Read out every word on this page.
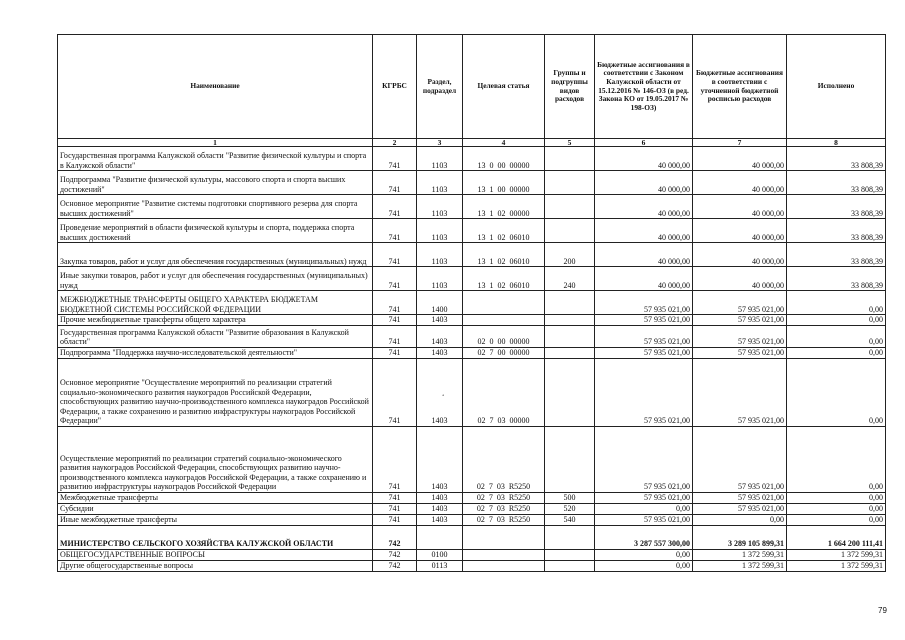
Наименование	КГРБС	Раздел, подраздел	Целевая статья	Группы и подгруппы видов расходов	Бюджетные ассигнования в соответствии с Законом Калужской области от 15.12.2016 № 146-ОЗ (в ред. Закона КО от 19.05.2017 № 198-ОЗ)	Бюджетные ассигнования в соответствии с уточненной бюджетной росписью расходов	Исполнено
1	2	3	4	5	6	7	8
Государственная программа Калужской области "Развитие физической культуры и спорта в Калужской области"	741	1103	13  0  00  00000		40 000,00	40 000,00	33 808,39
Подпрограмма "Развитие физической культуры, массового спорта и спорта высших достижений"	741	1103	13  1  00  00000		40 000,00	40 000,00	33 808,39
Основное мероприятие "Развитие системы подготовки спортивного резерва для спорта высших достижений"	741	1103	13  1  02  00000		40 000,00	40 000,00	33 808,39
Проведение мероприятий в области физической культуры и спорта, поддержка спорта высших достижений	741	1103	13  1  02  06010		40 000,00	40 000,00	33 808,39
Закупка товаров, работ и услуг для обеспечения государственных (муниципальных) нужд	741	1103	13  1  02  06010	200	40 000,00	40 000,00	33 808,39
Иные закупки товаров, работ и услуг для обеспечения государственных (муниципальных) нужд	741	1103	13  1  02  06010	240	40 000,00	40 000,00	33 808,39
МЕЖБЮДЖЕТНЫЕ ТРАНСФЕРТЫ ОБЩЕГО ХАРАКТЕРА БЮДЖЕТАМ БЮДЖЕТНОЙ СИСТЕМЫ РОССИЙСКОЙ ФЕДЕРАЦИИ	741	1400			57 935 021,00	57 935 021,00	0,00
Прочие межбюджетные трансферты общего характера	741	1403			57 935 021,00	57 935 021,00	0,00
Государственная программа Калужской области "Развитие образования в Калужской области"	741	1403	02  0  00  00000		57 935 021,00	57 935 021,00	0,00
Подпрограмма "Поддержка научно-исследовательской деятельности"	741	1403	02  7  00  00000		57 935 021,00	57 935 021,00	0,00
Основное мероприятие "Осуществление мероприятий по реализации стратегий социально-экономического развития наукоградов Российской Федерации, способствующих развитию научно-производственного комплекса наукоградов Российской Федерации, а также сохранению и развитию инфраструктуры наукоградов Российской Федерации"	741	1403	02  7  03  00000		57 935 021,00	57 935 021,00	0,00
Осуществление мероприятий по реализации стратегий социально-экономического развития наукоградов Российской Федерации, способствующих развитию научно-производственного комплекса наукоградов Российской Федерации, а также сохранению и развитию инфраструктуры наукоградов Российской Федерации	741	1403	02  7  03  R5250		57 935 021,00	57 935 021,00	0,00
Межбюджетные трансферты	741	1403	02  7  03  R5250	500	57 935 021,00	57 935 021,00	0,00
Субсидии	741	1403	02  7  03  R5250	520	0,00	57 935 021,00	0,00
Иные межбюджетные трансферты	741	1403	02  7  03  R5250	540	57 935 021,00	0,00	0,00
МИНИСТЕРСТВО СЕЛЬСКОГО ХОЗЯЙСТВА КАЛУЖСКОЙ ОБЛАСТИ	742				3 287 557 300,00	3 289 105 899,31	1 664 200 111,41
ОБЩЕГОСУДАРСТВЕННЫЕ ВОПРОСЫ	742	0100			0,00	1 372 599,31	1 372 599,31
Другие общегосударственные вопросы	742	0113			0,00	1 372 599,31	1 372 599,31
‘
79
